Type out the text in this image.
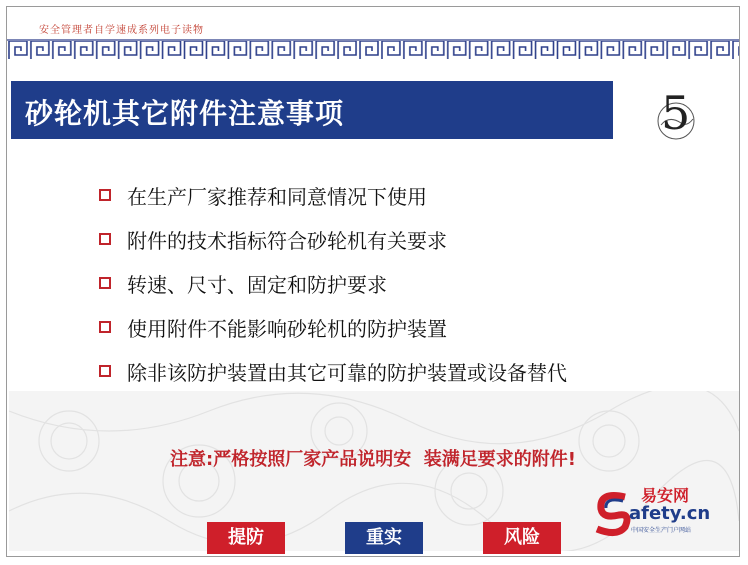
安全管理者自学速成系列电子读物
砂轮机其它附件注意事项	5
在生产厂家推荐和同意情况下使用
附件的技术指标符合砂轮机有关要求
转速、尺寸、固定和防护要求
使用附件不能影响砂轮机的防护装置
除非该防护装置由其它可靠的防护装置或设备替代
注意:严格按照厂家产品说明安  装满足要求的附件!
提防	重实	风险
易安网
afety.cn
中国安全生产门户网站
